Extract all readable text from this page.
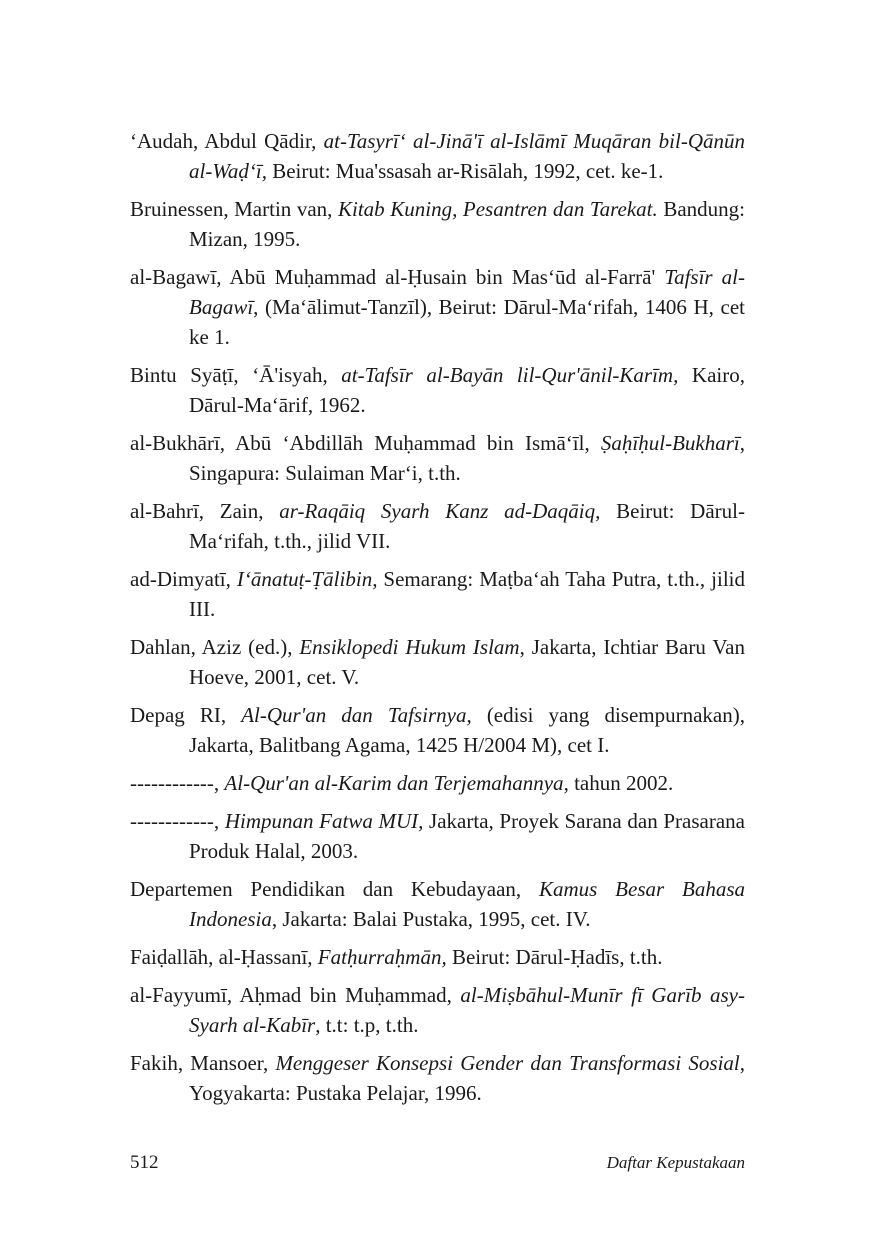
‘Audah, Abdul Qādir, at-Tasyrī‘ al-Jinā'ī al-Islāmī Muqāran bil-Qānūn al-Waḍ‘ī, Beirut: Mua'ssasah ar-Risālah, 1992, cet. ke-1.
Bruinessen, Martin van, Kitab Kuning, Pesantren dan Tarekat. Bandung: Mizan, 1995.
al-Bagawī, Abū Muḥammad al-Ḥusain bin Mas‘ūd al-Farrā' Tafsīr al-Bagawī, (Ma‘ālimut-Tanzīl), Beirut: Dārul-Ma‘rifah, 1406 H, cet ke 1.
Bintu Syāṭī, ‘Ā'isyah, at-Tafsīr al-Bayān lil-Qur'ānil-Karīm, Kairo, Dārul-Ma‘ārif, 1962.
al-Bukhārī, Abū ‘Abdillāh Muḥammad bin Ismā‘īl, Ṣaḥīḥul-Bukharī, Singapura: Sulaiman Mar‘i, t.th.
al-Bahrī, Zain, ar-Raqāiq Syarh Kanz ad-Daqāiq, Beirut: Dārul-Ma‘rifah, t.th., jilid VII.
ad-Dimyatī, I‘ānatuṭ-Ṭālibin, Semarang: Maṭba‘ah Taha Putra, t.th., jilid III.
Dahlan, Aziz (ed.), Ensiklopedi Hukum Islam, Jakarta, Ichtiar Baru Van Hoeve, 2001, cet. V.
Depag RI, Al-Qur'an dan Tafsirnya, (edisi yang disempurnakan), Jakarta, Balitbang Agama, 1425 H/2004 M), cet I.
------------, Al-Qur'an al-Karim dan Terjemahannya, tahun 2002.
------------, Himpunan Fatwa MUI, Jakarta, Proyek Sarana dan Prasarana Produk Halal, 2003.
Departemen Pendidikan dan Kebudayaan, Kamus Besar Bahasa Indonesia, Jakarta: Balai Pustaka, 1995, cet. IV.
Faiḍallāh, al-Ḥassanī, Fatḥurraḥmān, Beirut: Dārul-Ḥadīs, t.th.
al-Fayyumī, Aḥmad bin Muḥammad, al-Miṣbāhul-Munīr fī Garīb asy-Syarh al-Kabīr, t.t: t.p, t.th.
Fakih, Mansoer, Menggeser Konsepsi Gender dan Transformasi Sosial, Yogyakarta: Pustaka Pelajar, 1996.
512	Daftar Kepustakaan
